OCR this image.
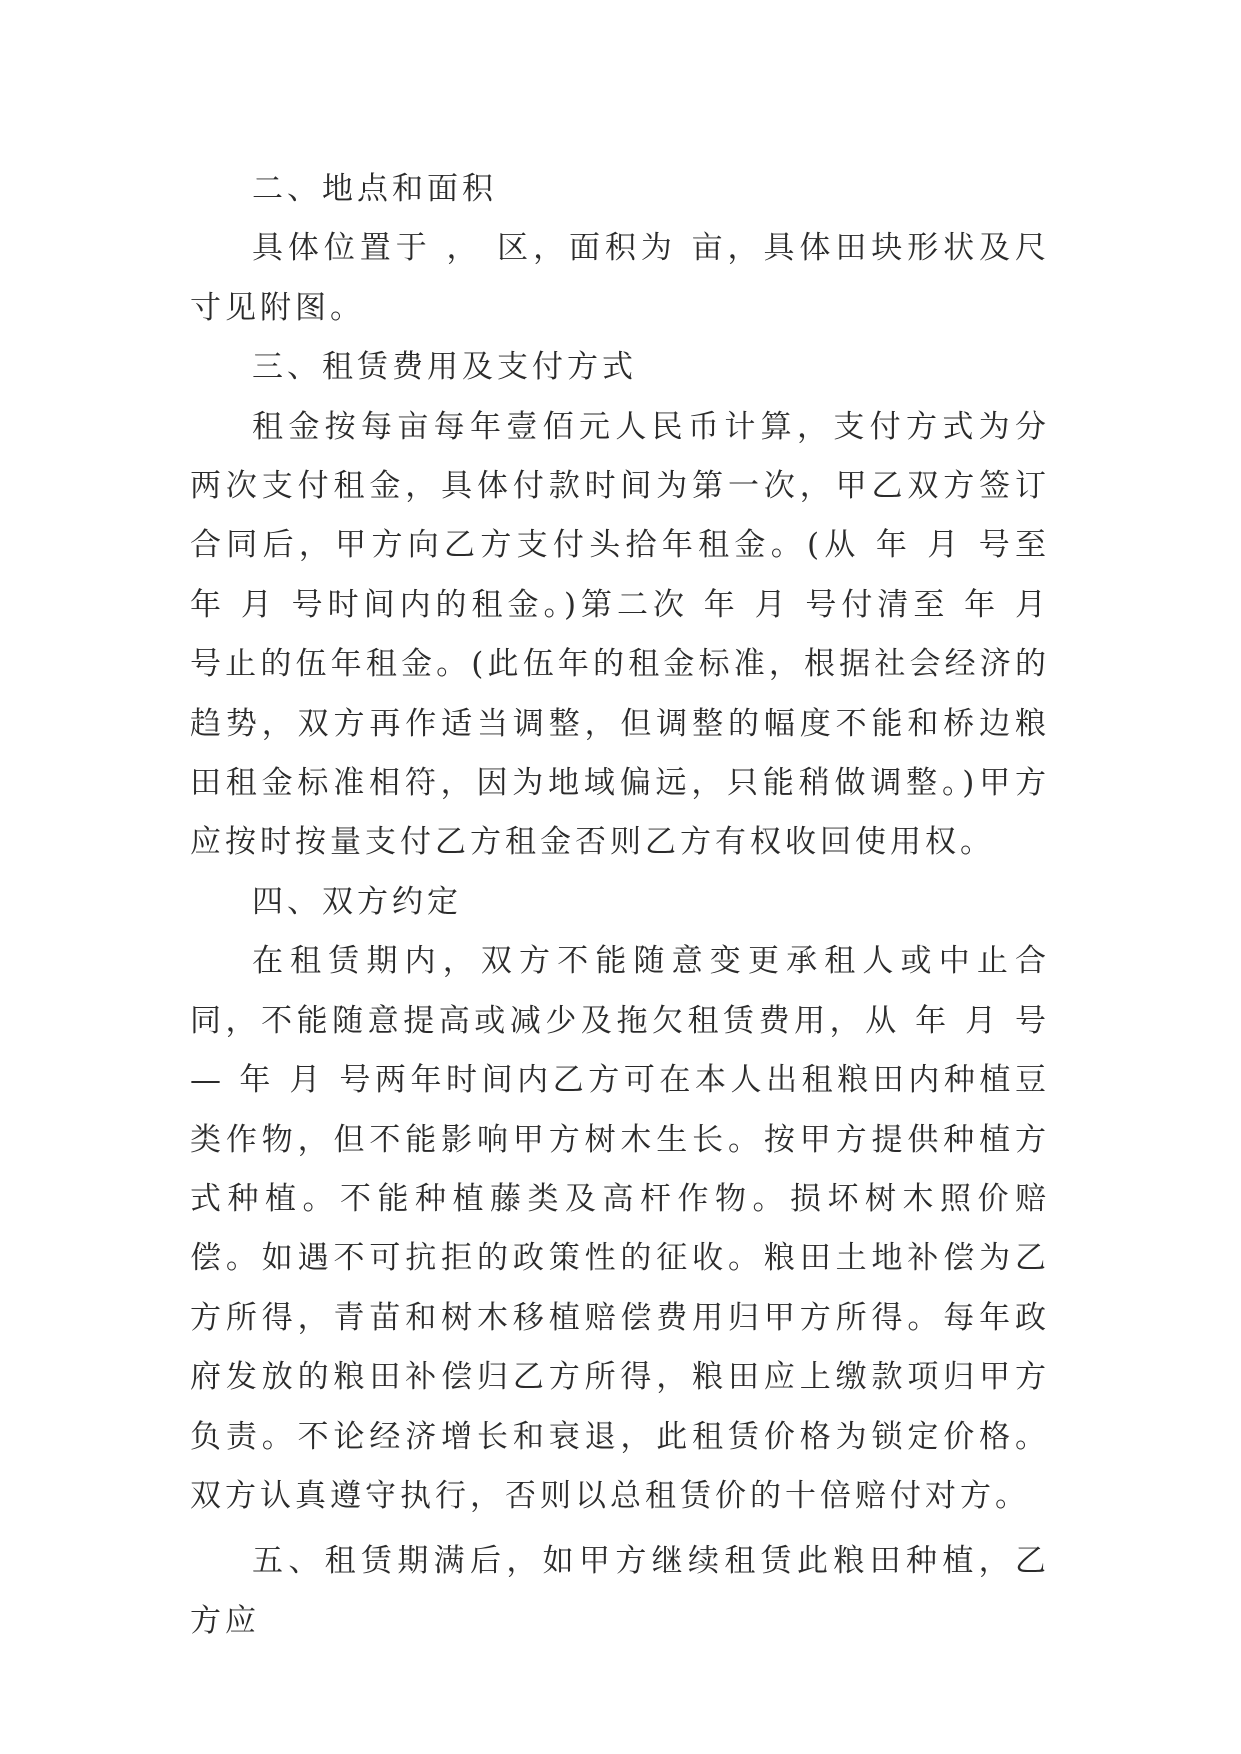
二、地点和面积

具体位置于 ， 区，面积为 亩，具体田块形状及尺寸见附图。

三、租赁费用及支付方式

租金按每亩每年壹佰元人民币计算，支付方式为分两次支付租金，具体付款时间为第一次，甲乙双方签订合同后，甲方向乙方支付头拾年租金。(从 年 月 号至 年 月 号时间内的租金。)第二次 年 月 号付清至 年 月 号止的伍年租金。(此伍年的租金标准，根据社会经济的趋势，双方再作适当调整，但调整的幅度不能和桥边粮田租金标准相符，因为地域偏远，只能稍做调整。)甲方应按时按量支付乙方租金否则乙方有权收回使用权。

四、双方约定

在租赁期内，双方不能随意变更承租人或中止合同，不能随意提高或减少及拖欠租赁费用，从 年 月 号— 年 月 号两年时间内乙方可在本人出租粮田内种植豆类作物，但不能影响甲方树木生长。按甲方提供种植方式种植。不能种植藤类及高杆作物。损坏树木照价赔偿。如遇不可抗拒的政策性的征收。粮田土地补偿为乙方所得，青苗和树木移植赔偿费用归甲方所得。每年政府发放的粮田补偿归乙方所得，粮田应上缴款项归甲方负责。不论经济增长和衰退，此租赁价格为锁定价格。双方认真遵守执行，否则以总租赁价的十倍赔付对方。

五、租赁期满后，如甲方继续租赁此粮田种植，乙方应
